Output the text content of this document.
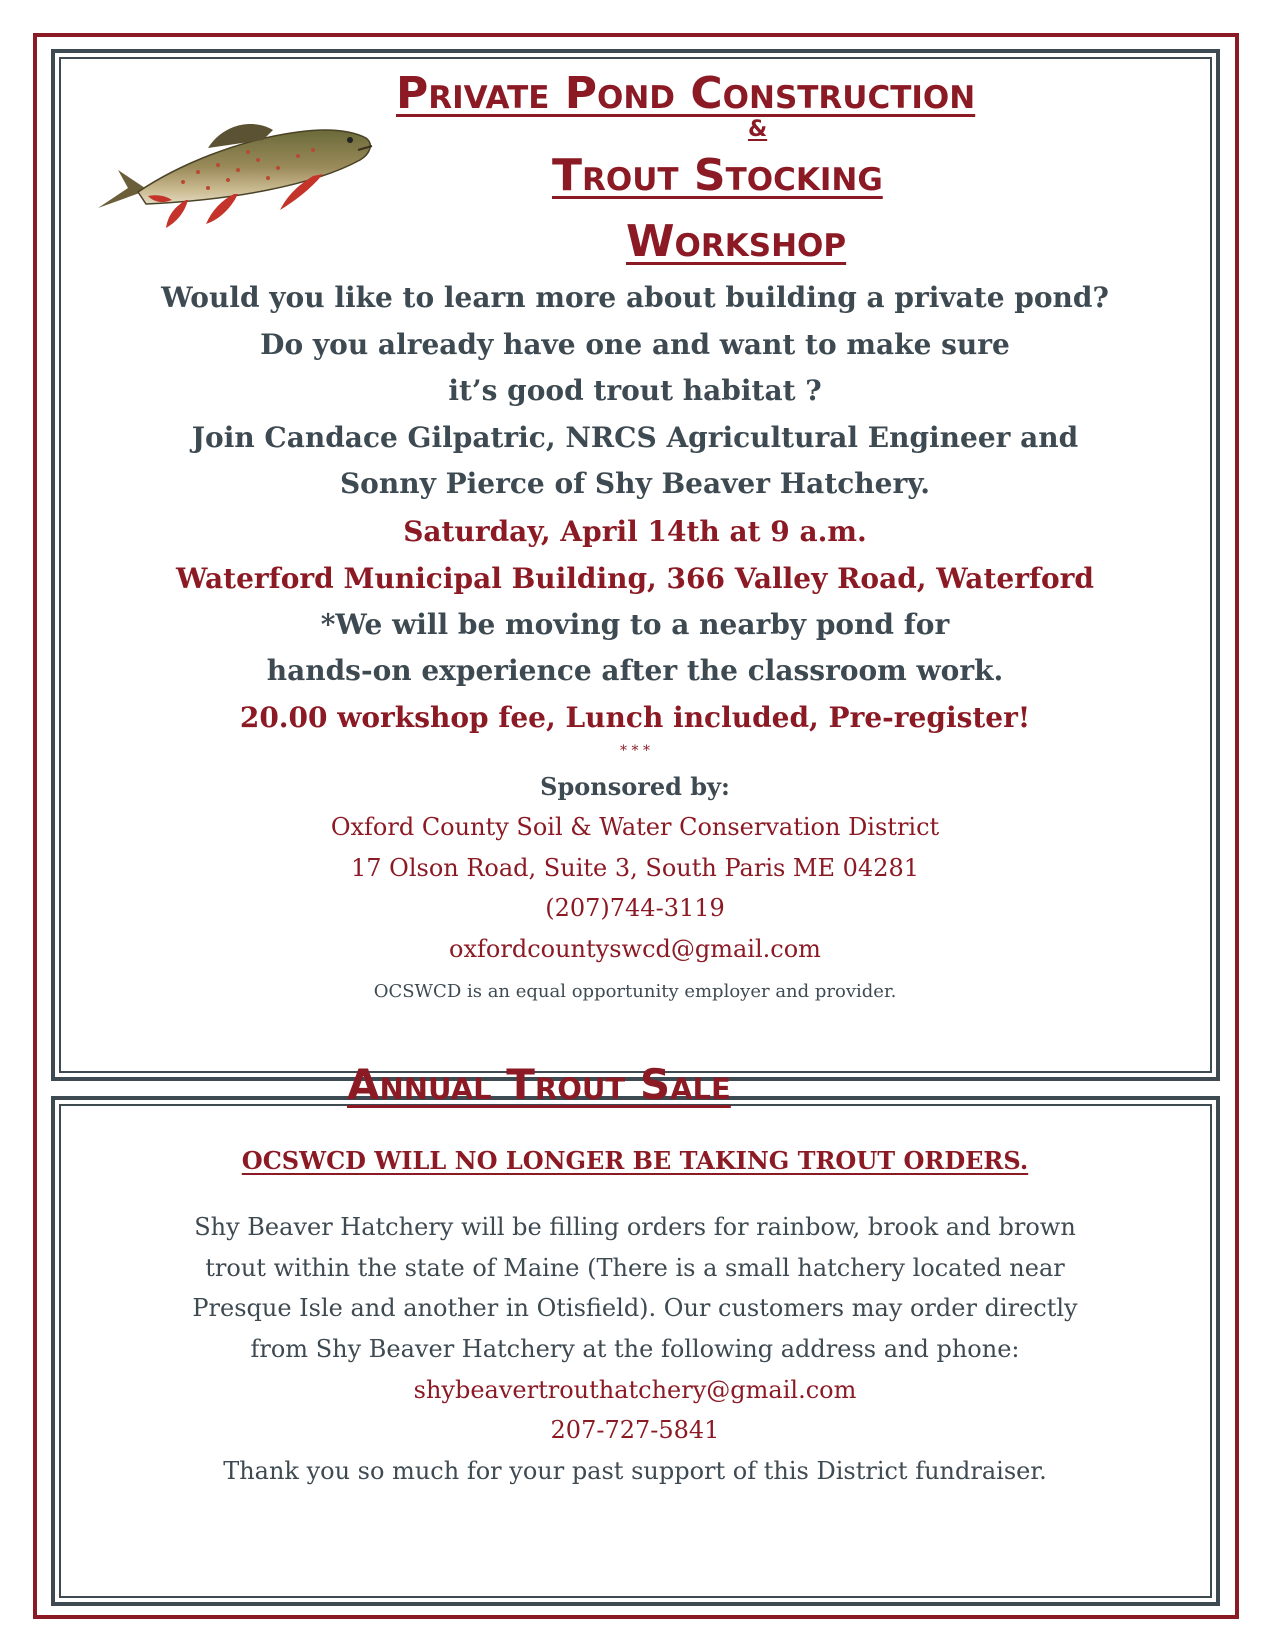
Private Pond Construction
&
Trout Stocking
Workshop
Would you like to learn more about building a private pond?
Do you already have one and want to make sure
it’s good trout habitat ?
Join Candace Gilpatric, NRCS Agricultural Engineer and
Sonny Pierce of Shy Beaver Hatchery.
Saturday, April 14th at 9 a.m.
Waterford Municipal Building, 366 Valley Road, Waterford
*We will be moving to a nearby pond for
hands-on experience after the classroom work.
20.00 workshop fee, Lunch included, Pre-register!
* * *
Sponsored by:
Oxford County Soil & Water Conservation District
17 Olson Road, Suite 3, South Paris ME 04281
(207)744-3119
oxfordcountyswcd@gmail.com
OCSWCD is an equal opportunity employer and provider.
Annual Trout Sale
OCSWCD WILL NO LONGER BE TAKING TROUT ORDERS.
Shy Beaver Hatchery will be filling orders for rainbow, brook and brown
trout within the state of Maine (There is a small hatchery located near
Presque Isle and another in Otisfield). Our customers may order directly
from Shy Beaver Hatchery at the following address and phone:
shybeavertrouthatchery@gmail.com
207-727-5841
Thank you so much for your past support of this District fundraiser.
